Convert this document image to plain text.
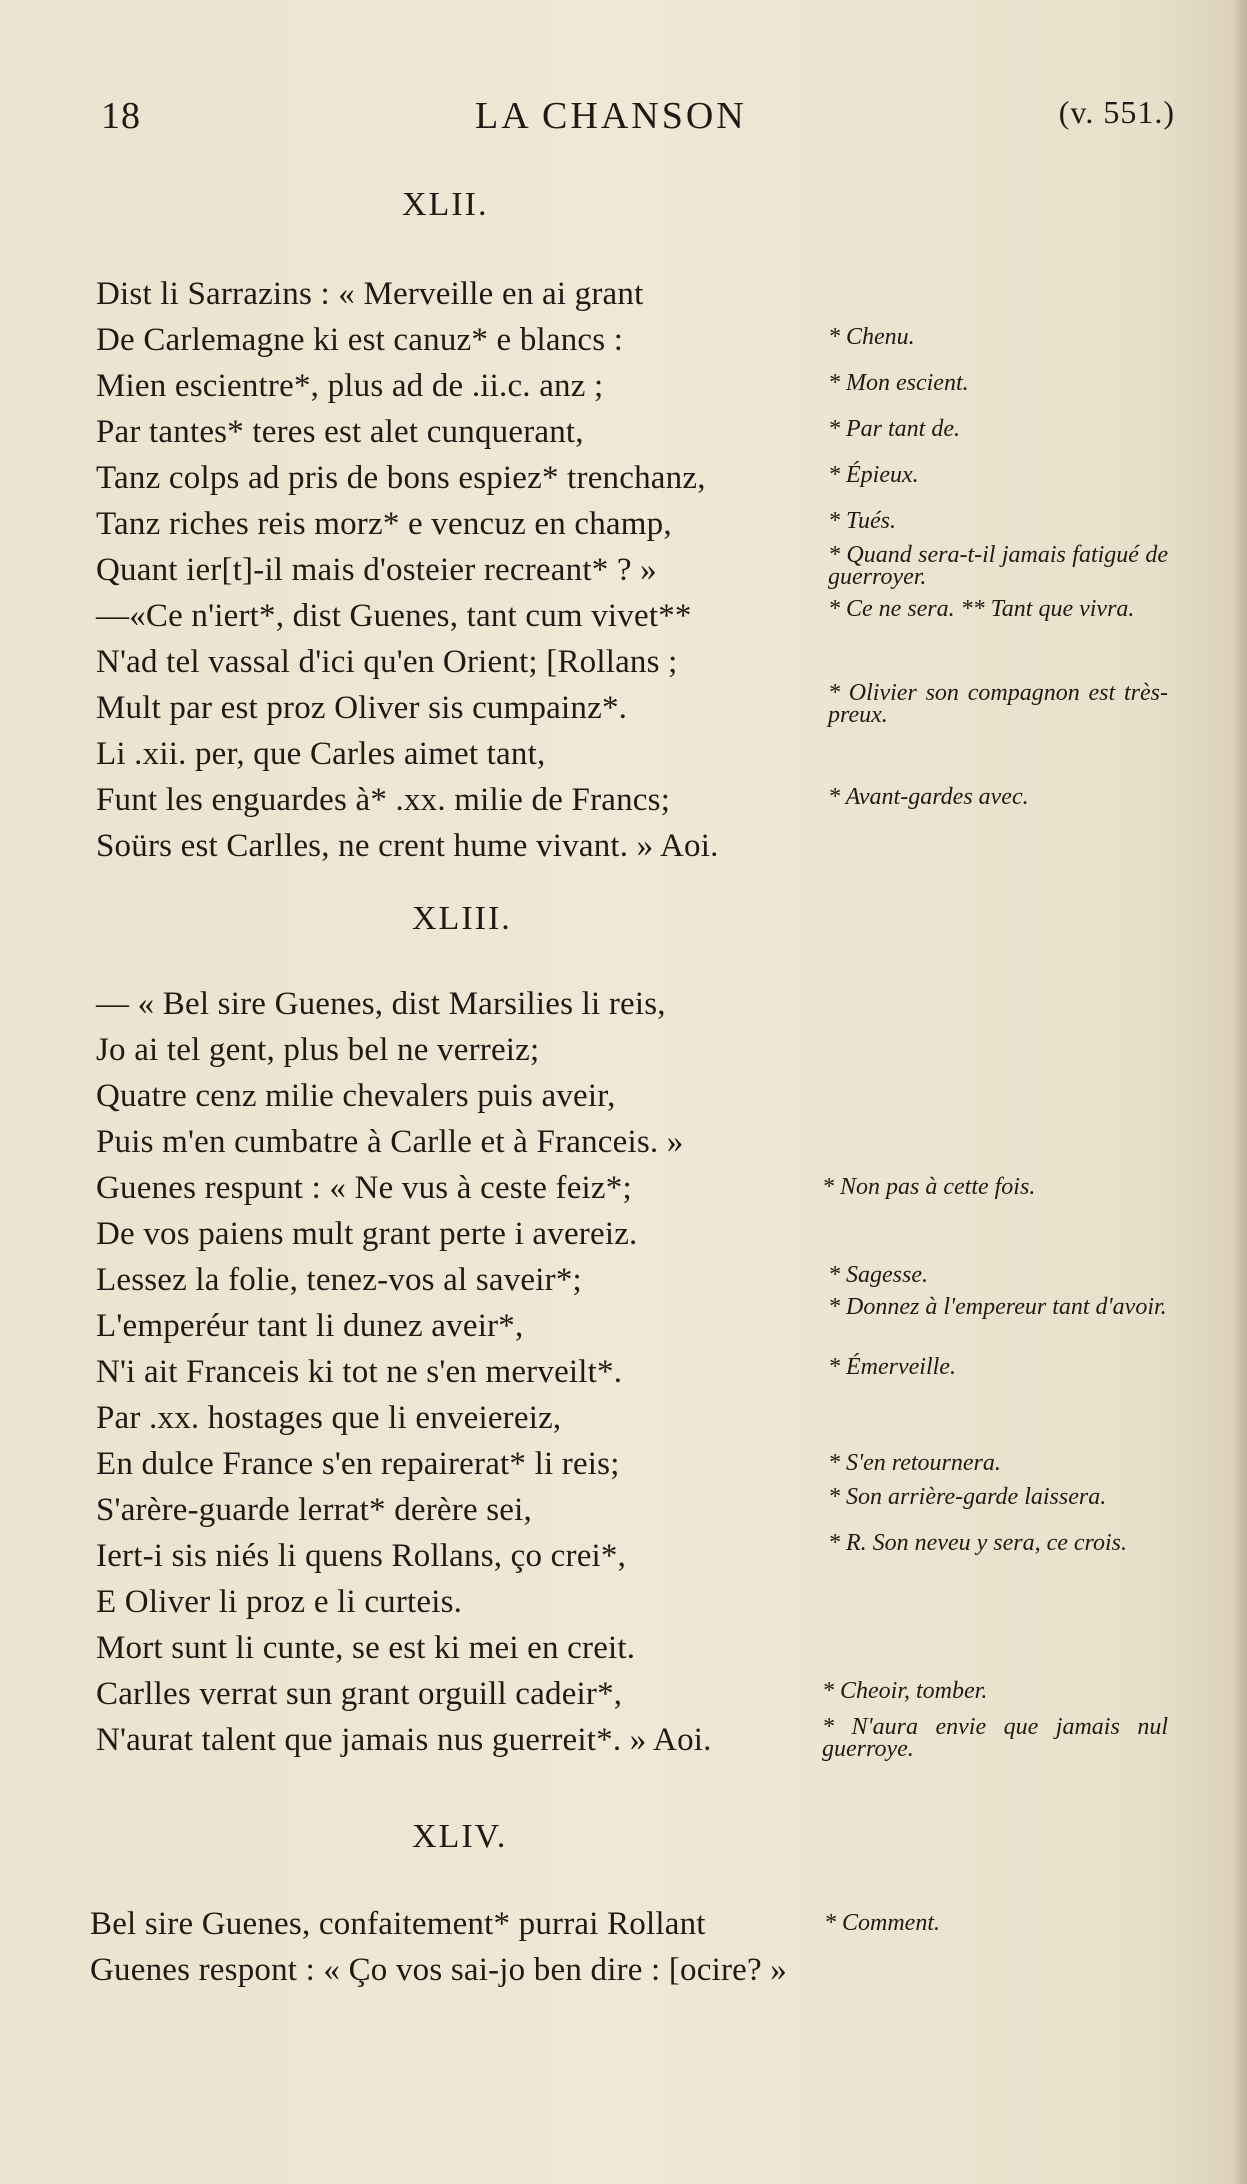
18	LA CHANSON	(v. 551.)
XLII.
Dist li Sarrazins : « Merveille en ai grant
De Carlemagne ki est canuz* e blancs :
Mien escientre*, plus ad de .ii.c. anz ;
Par tantes* teres est alet cunquerant,
Tanz colps ad pris de bons espiez* trenchanz,
Tanz riches reis morz* e vencuz en champ,
Quant ier[t]-il mais d'osteier recreant* ? »
—«Ce n'iert*, dist Guenes, tant cum vivet**
N'ad tel vassal d'ici qu'en Orient; [Rollans ;
Mult par est proz Oliver sis cumpainz*.
Li .xii. per, que Carles aimet tant,
Funt les enguardes à* .xx. milie de Francs;
Soürs est Carlles, ne crent hume vivant. » Aoi.
* Chenu.
* Mon escient.
* Par tant de.
* Épieux.
* Tués.
* Quand sera-t-il jamais fatigué de guerroyer.
* Ce ne sera. ** Tant que vivra.
* Olivier son compagnon est très-preux.
* Avant-gardes avec.
XLIII.
— « Bel sire Guenes, dist Marsilies li reis,
Jo ai tel gent, plus bel ne verreiz;
Quatre cenz milie chevalers puis aveir,
Puis m'en cumbatre à Carlle et à Franceis. »
Guenes respunt : « Ne vus à ceste feiz*;
De vos paiens mult grant perte i avereiz.
Lessez la folie, tenez-vos al saveir*;
L'emperéur tant li dunez aveir*,
N'i ait Franceis ki tot ne s'en merveilt*.
Par .xx. hostages que li enveiereiz,
En dulce France s'en repairerat* li reis;
S'arère-guarde lerrat* derère sei,
Iert-i sis niés li quens Rollans, ço crei*,
E Oliver li proz e li curteis.
Mort sunt li cunte, se est ki mei en creit.
Carlles verrat sun grant orguill cadeir*,
N'aurat talent que jamais nus guerreit*. » Aoi.
* Non pas à cette fois.
* Sagesse.
* Donnez à l'empereur tant d'avoir.
* Émerveille.
* S'en retournera.
* Son arrière-garde laissera.
* R. Son neveu y sera, ce crois.
* Cheoir, tomber.
* N'aura envie que jamais nul guerroye.
XLIV.
Bel sire Guenes, confaitement* purrai Rollant
Guenes respont : « Ço vos sai-jo ben dire : [ocire? »
* Comment.
